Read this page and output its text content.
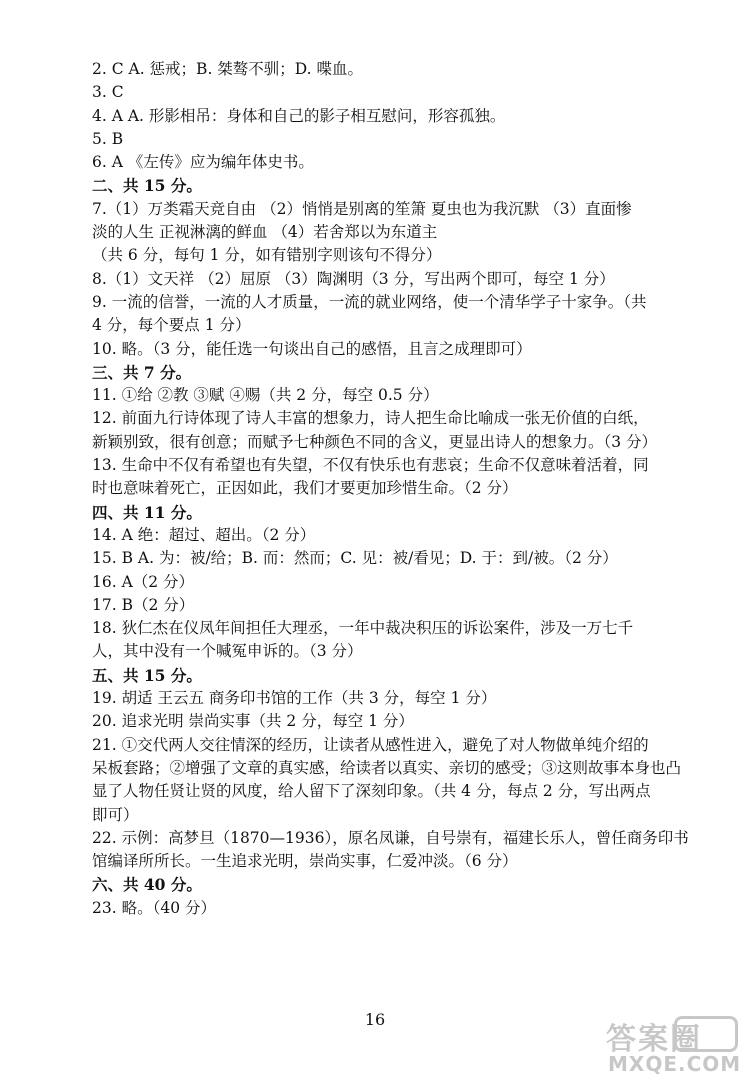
2. C A. 惩戒；B. 桀骜不驯；D. 喋血。
3. C
4. A A. 形影相吊：身体和自己的影子相互慰问，形容孤独。
5. B
6. A 《左传》应为编年体史书。
二、共 15 分。
7.（1）万类霜天竞自由 （2）悄悄是别离的笙箫 夏虫也为我沉默 （3）直面惨
淡的人生 正视淋漓的鲜血 （4）若舍郑以为东道主
（共 6 分，每句 1 分，如有错别字则该句不得分）
8.（1）文天祥 （2）屈原 （3）陶渊明（3 分，写出两个即可，每空 1 分）
9. 一流的信誉，一流的人才质量，一流的就业网络，使一个清华学子十家争。（共
4 分，每个要点 1 分）
10. 略。（3 分，能任选一句谈出自己的感悟，且言之成理即可）
三、共 7 分。
11. ①给 ②教 ③赋 ④赐（共 2 分，每空 0.5 分）
12. 前面九行诗体现了诗人丰富的想象力，诗人把生命比喻成一张无价值的白纸，
新颖别致，很有创意；而赋予七种颜色不同的含义，更显出诗人的想象力。（3 分）
13. 生命中不仅有希望也有失望，不仅有快乐也有悲哀；生命不仅意味着活着，同
时也意味着死亡，正因如此，我们才要更加珍惜生命。（2 分）
四、共 11 分。
14. A 绝：超过、超出。（2 分）
15. B A. 为：被/给；B. 而：然而；C. 见：被/看见；D. 于：到/被。（2 分）
16. A（2 分）
17. B（2 分）
18. 狄仁杰在仪凤年间担任大理丞，一年中裁决积压的诉讼案件，涉及一万七千
人，其中没有一个喊冤申诉的。（3 分）
五、共 15 分。
19. 胡适 王云五 商务印书馆的工作（共 3 分，每空 1 分）
20. 追求光明 崇尚实事（共 2 分，每空 1 分）
21. ①交代两人交往情深的经历，让读者从感性进入，避免了对人物做单纯介绍的
呆板套路；②增强了文章的真实感，给读者以真实、亲切的感受；③这则故事本身也凸
显了人物任贤让贤的风度，给人留下了深刻印象。（共 4 分，每点 2 分，写出两点
即可）
22. 示例：高梦旦（1870—1936），原名凤谦，自号崇有，福建长乐人，曾任商务印书
馆编译所所长。一生追求光明，崇尚实事，仁爱冲淡。（6 分）
六、共 40 分。
23. 略。（40 分）
16
答案圈
MXQE.COM
